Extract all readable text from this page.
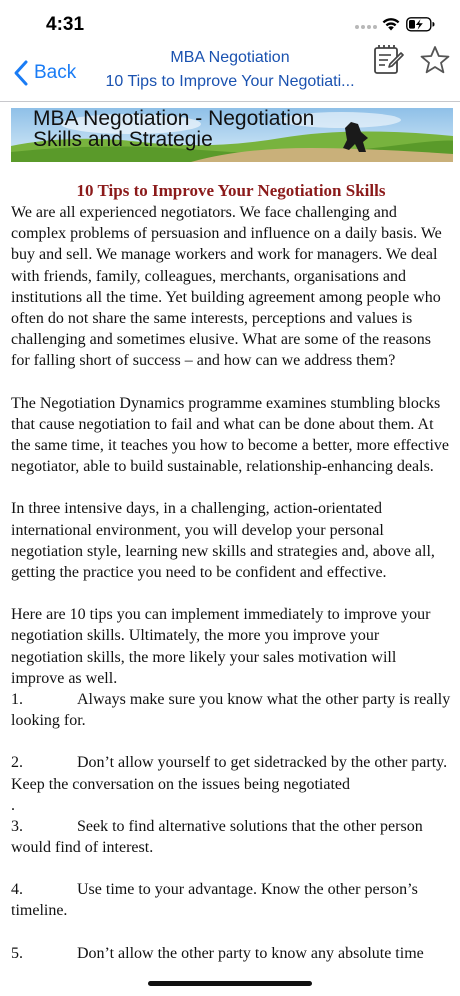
4:31
Back
MBA Negotiation
10 Tips to Improve Your Negotiati...
MBA Negotiation - Negotiation
Skills and Strategie
10 Tips to Improve Your Negotiation Skills

We are all experienced negotiators. We face challenging and complex problems of persuasion and influence on a daily basis. We buy and sell. We manage workers and work for managers. We deal with friends, family, colleagues, merchants, organisations and institutions all the time. Yet building agreement among people who often do not share the same interests, perceptions and values is challenging and sometimes elusive. What are some of the reasons for falling short of success – and how can we address them?

The Negotiation Dynamics programme examines stumbling blocks that cause negotiation to fail and what can be done about them. At the same time, it teaches you how to become a better, more effective negotiator, able to build sustainable, relationship-enhancing deals.

In three intensive days, in a challenging, action-orientated international environment, you will develop your personal negotiation style, learning new skills and strategies and, above all, getting the practice you need to be confident and effective.

Here are 10 tips you can implement immediately to improve your negotiation skills. Ultimately, the more you improve your negotiation skills, the more likely your sales motivation will improve as well.

1.	Always make sure you know what the other party is really looking for.
2.	Don’t allow yourself to get sidetracked by the other party. Keep the conversation on the issues being negotiated
.
3.	Seek to find alternative solutions that the other person would find of interest.
4.	Use time to your advantage. Know the other person’s timeline.
5.	Don’t allow the other party to know any absolute time
